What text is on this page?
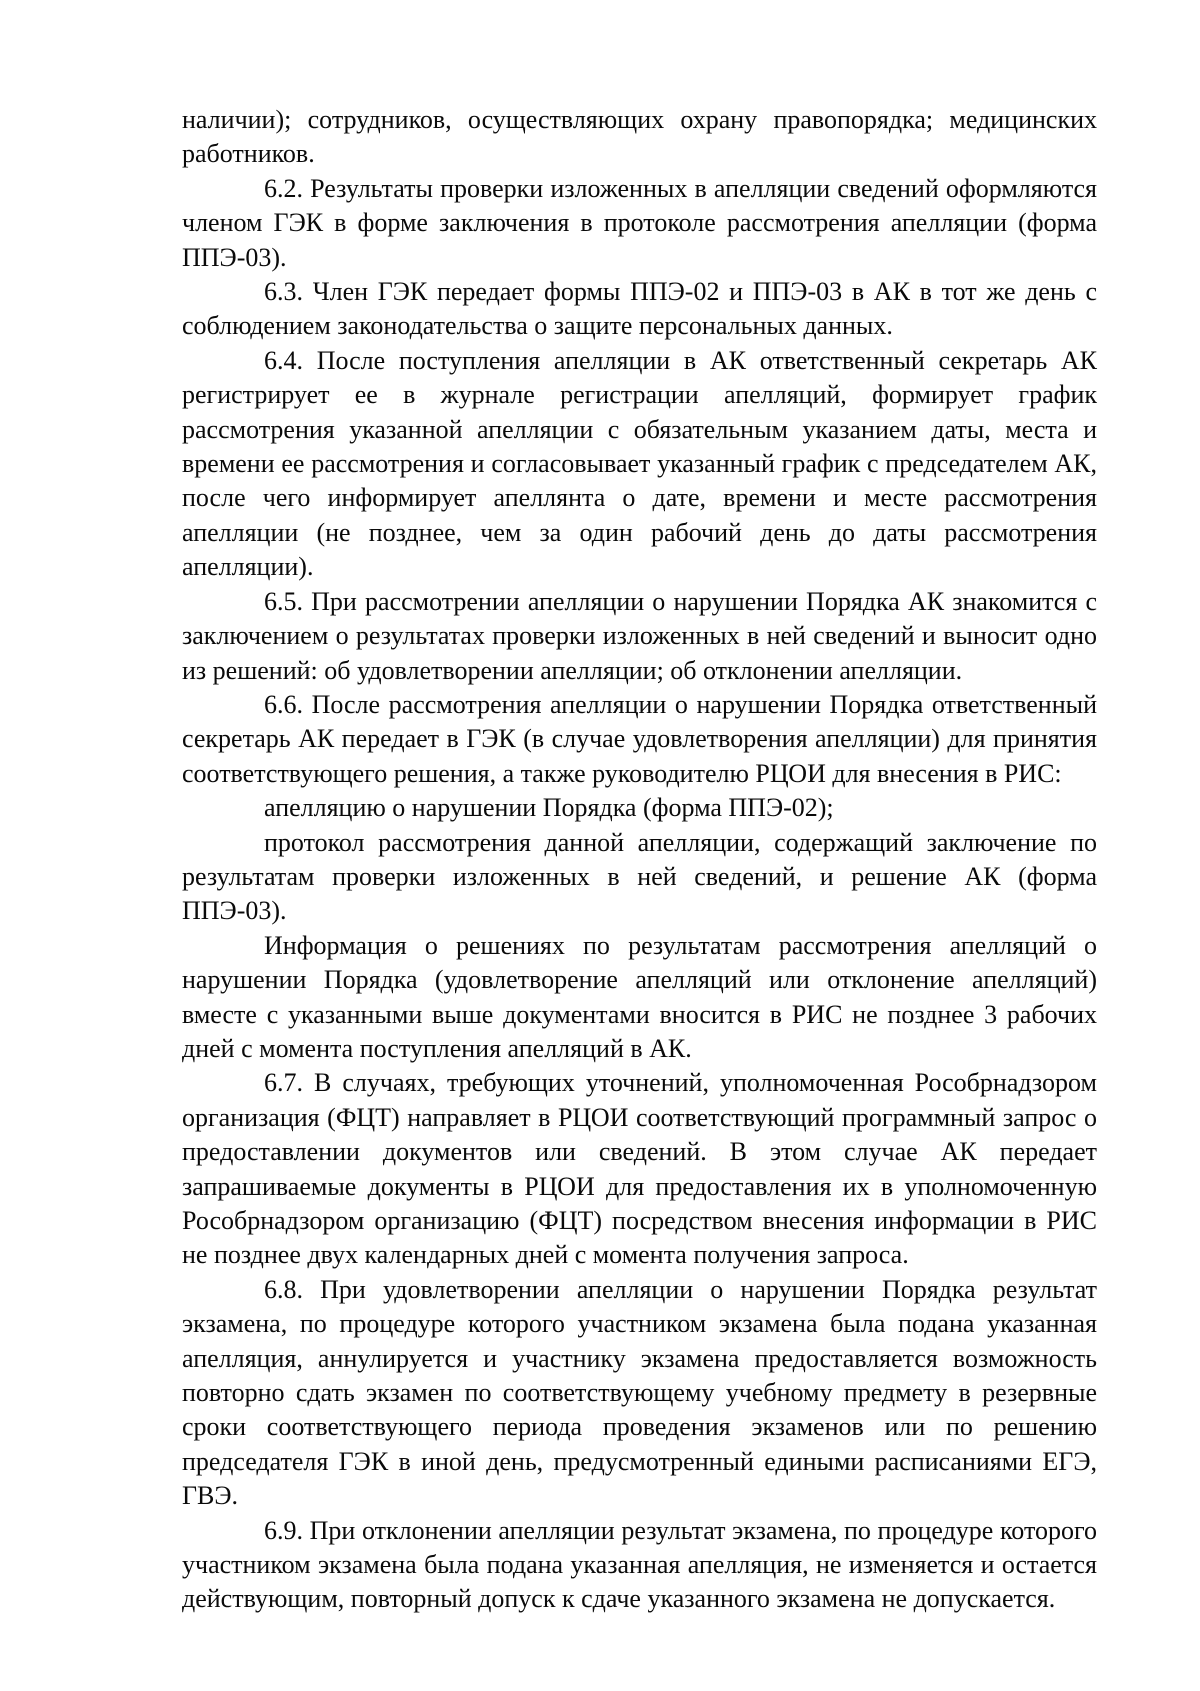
наличии); сотрудников, осуществляющих охрану правопорядка; медицинских работников.

6.2. Результаты проверки изложенных в апелляции сведений оформляются членом ГЭК в форме заключения в протоколе рассмотрения апелляции (форма ППЭ-03).

6.3. Член ГЭК передает формы ППЭ-02 и ППЭ-03 в АК в тот же день с соблюдением законодательства о защите персональных данных.

6.4. После поступления апелляции в АК ответственный секретарь АК регистрирует ее в журнале регистрации апелляций, формирует график рассмотрения указанной апелляции с обязательным указанием даты, места и времени ее рассмотрения и согласовывает указанный график с председателем АК, после чего информирует апеллянта о дате, времени и месте рассмотрения апелляции (не позднее, чем за один рабочий день до даты рассмотрения апелляции).

6.5. При рассмотрении апелляции о нарушении Порядка АК знакомится с заключением о результатах проверки изложенных в ней сведений и выносит одно из решений: об удовлетворении апелляции; об отклонении апелляции.

6.6. После рассмотрения апелляции о нарушении Порядка ответственный секретарь АК передает в ГЭК (в случае удовлетворения апелляции) для принятия соответствующего решения, а также руководителю РЦОИ для внесения в РИС:

апелляцию о нарушении Порядка (форма ППЭ-02);

протокол рассмотрения данной апелляции, содержащий заключение по результатам проверки изложенных в ней сведений, и решение АК (форма ППЭ-03).

Информация о решениях по результатам рассмотрения апелляций о нарушении Порядка (удовлетворение апелляций или отклонение апелляций) вместе с указанными выше документами вносится в РИС не позднее 3 рабочих дней с момента поступления апелляций в АК.

6.7. В случаях, требующих уточнений, уполномоченная Рособрнадзором организация (ФЦТ) направляет в РЦОИ соответствующий программный запрос о предоставлении документов или сведений. В этом случае АК передает запрашиваемые документы в РЦОИ для предоставления их в уполномоченную Рособрнадзором организацию (ФЦТ) посредством внесения информации в РИС не позднее двух календарных дней с момента получения запроса.

6.8. При удовлетворении апелляции о нарушении Порядка результат экзамена, по процедуре которого участником экзамена была подана указанная апелляция, аннулируется и участнику экзамена предоставляется возможность повторно сдать экзамен по соответствующему учебному предмету в резервные сроки соответствующего периода проведения экзаменов или по решению председателя ГЭК в иной день, предусмотренный едиными расписаниями ЕГЭ, ГВЭ.

6.9. При отклонении апелляции результат экзамена, по процедуре которого участником экзамена была подана указанная апелляция, не изменяется и остается действующим, повторный допуск к сдаче указанного экзамена не допускается.
